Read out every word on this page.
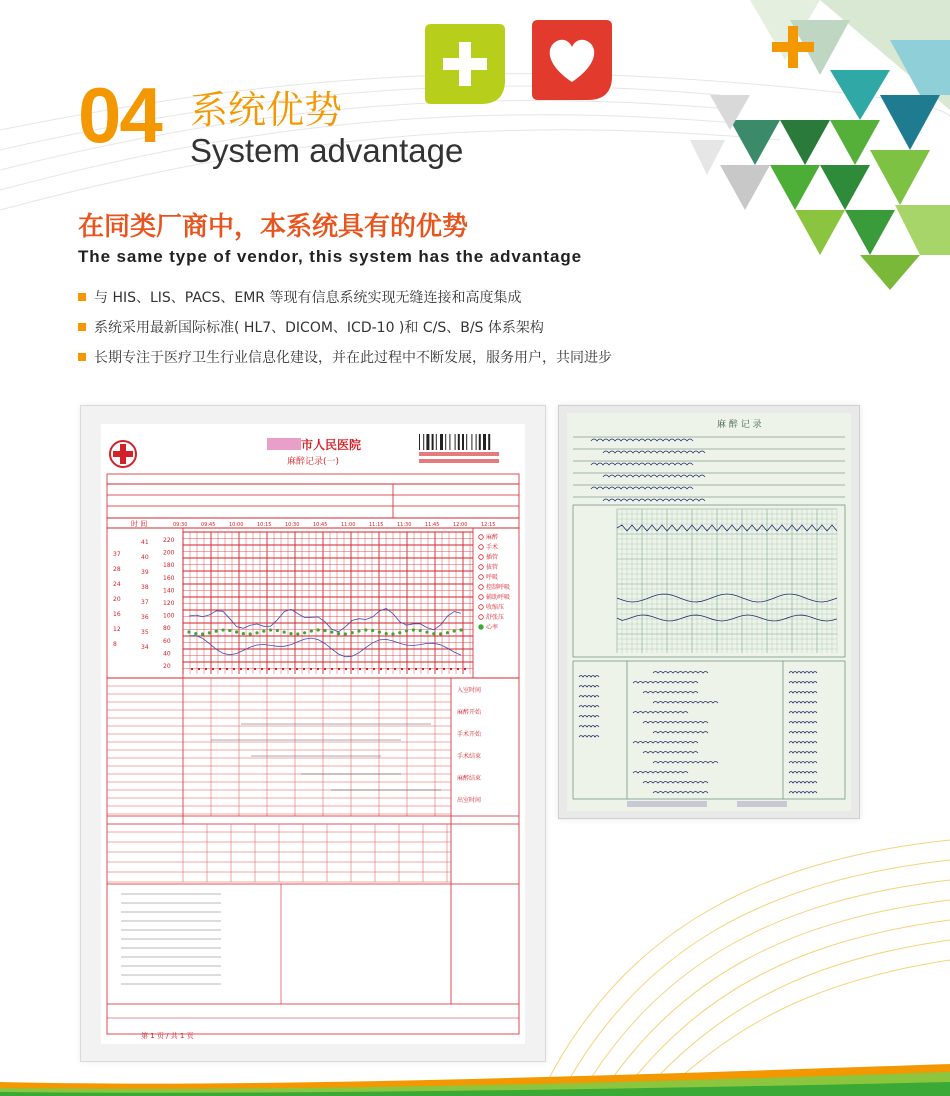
04 系统优势
System advantage
在同类厂商中，本系统具有的优势
The same type of vendor, this system has the advantage
与 HIS、LIS、PACS、EMR 等现有信息系统实现无缝连接和高度集成
系统采用最新国际标准( HL7、DICOM、ICD-10 )和 C/S、B/S 体系架构
长期专注于医疗卫生行业信息化建设，并在此过程中不断发展，服务用户，共同进步
市人民医院
麻醉记录(一)
时 间	09:30	09:45	10:00	10:15	10:30	10:45	11:00	11:15	11:30	11:45	12:00	12:15
37
28
24
20
16
12
8
41
40
39
38
37
36
35
34
220
200
180
160
140
120
100
80
60
40
20
麻醉
手术
插管
拔管
呼吸
控制呼吸
辅助呼吸
收缩压
舒张压
心率
入室时间
麻醉开始
手术开始
手术结束
麻醉结束
出室时间
第 1 页 / 共 1 页
麻 醉 记 录
